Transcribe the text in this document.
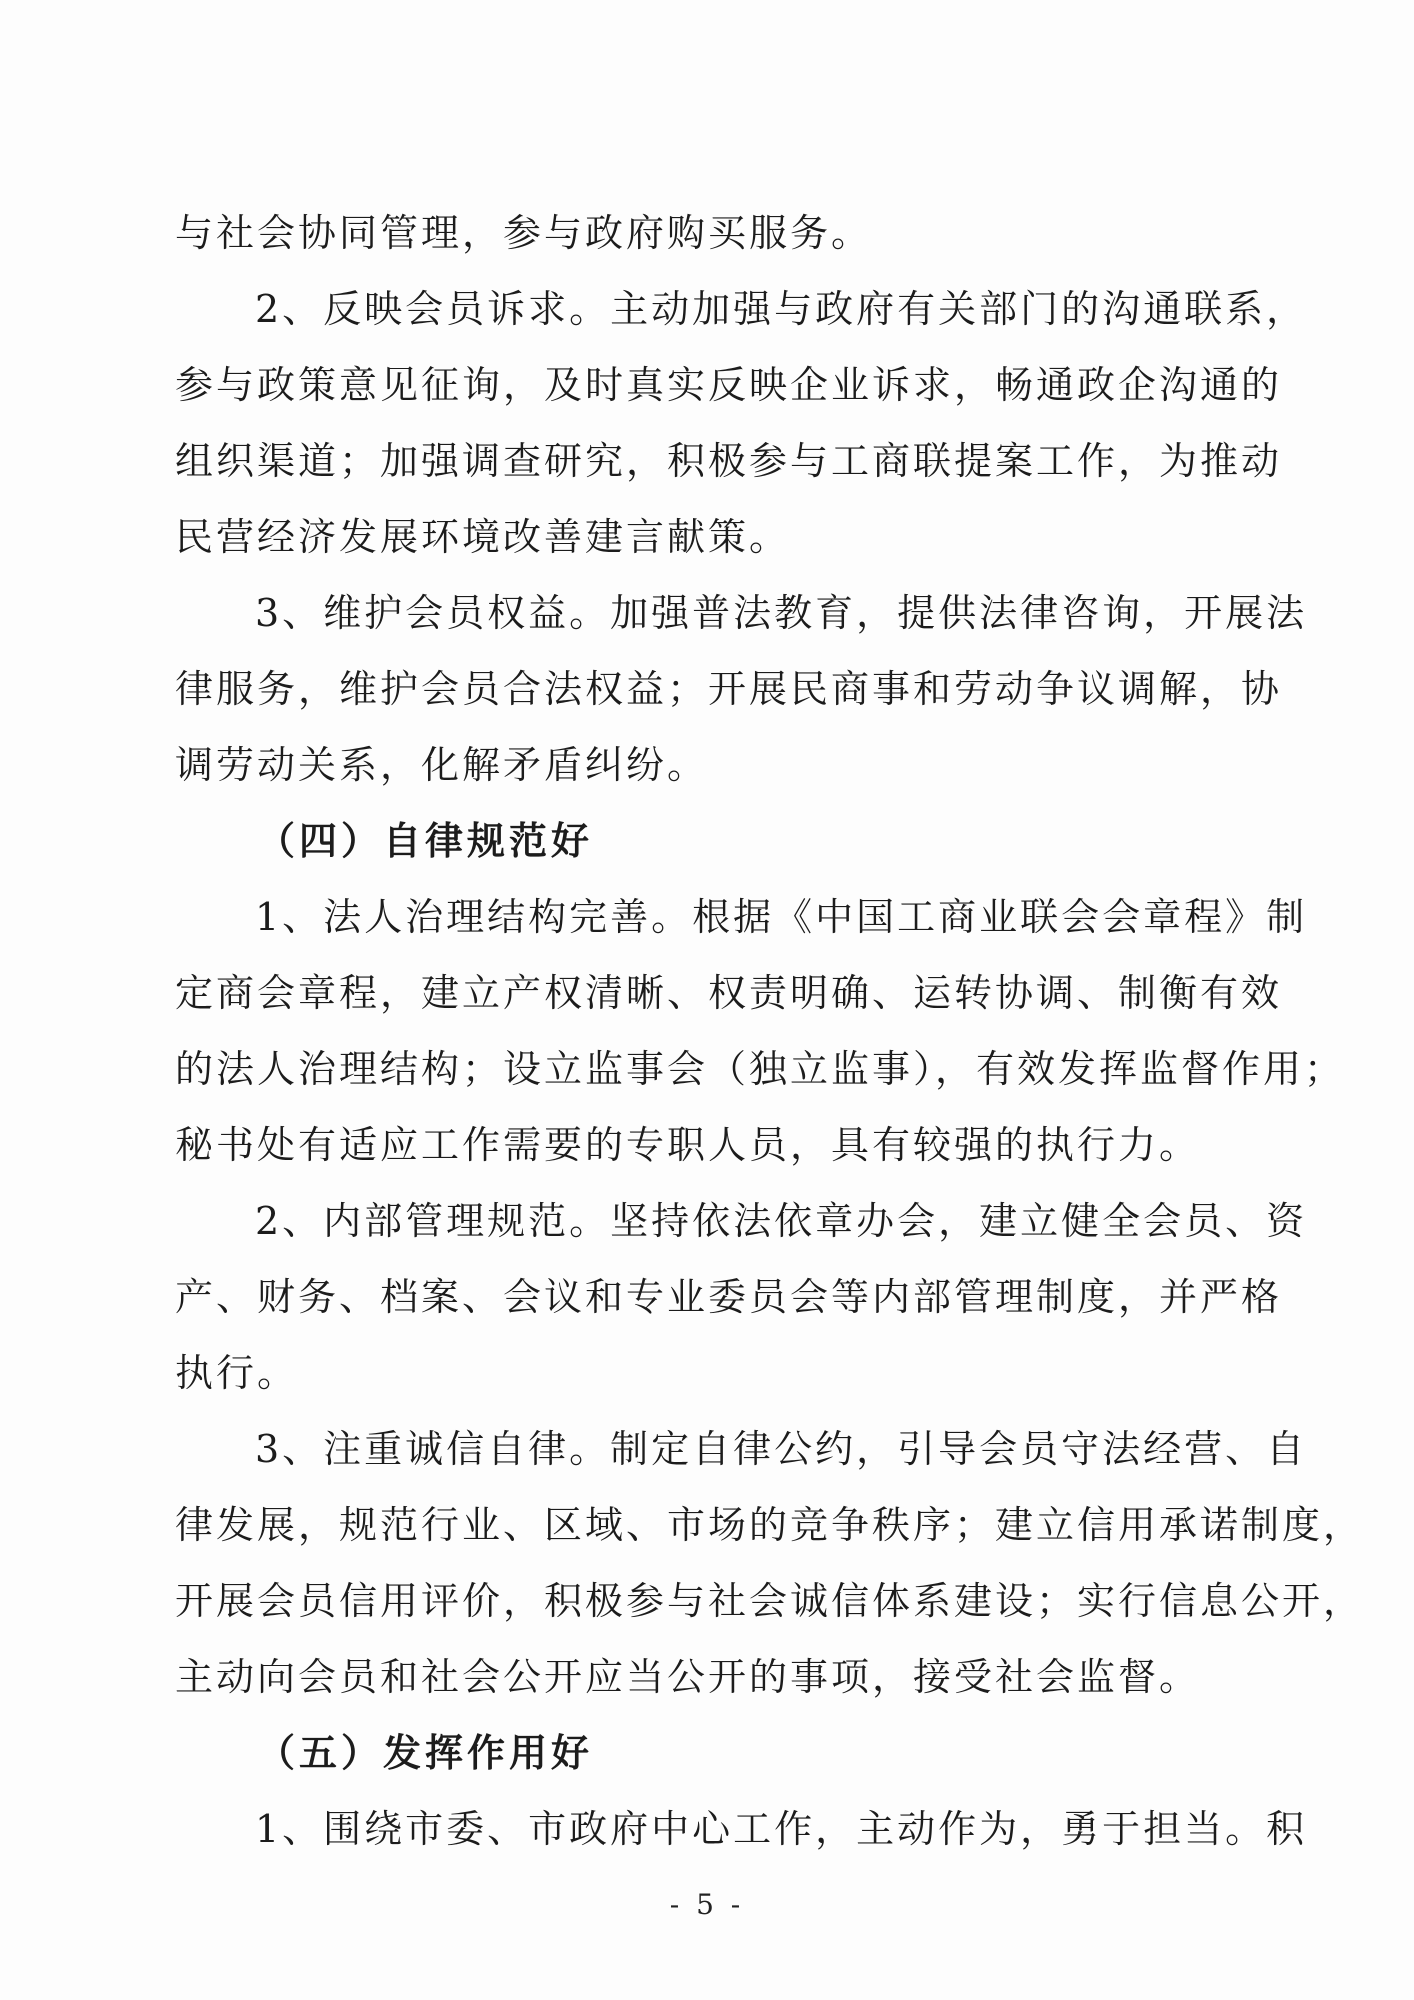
与社会协同管理，参与政府购买服务。
2、反映会员诉求。主动加强与政府有关部门的沟通联系，
参与政策意见征询，及时真实反映企业诉求，畅通政企沟通的
组织渠道；加强调查研究，积极参与工商联提案工作，为推动
民营经济发展环境改善建言献策。
3、维护会员权益。加强普法教育，提供法律咨询，开展法
律服务，维护会员合法权益；开展民商事和劳动争议调解，协
调劳动关系，化解矛盾纠纷。
（四）自律规范好
1、法人治理结构完善。根据《中国工商业联会会章程》制
定商会章程，建立产权清晰、权责明确、运转协调、制衡有效
的法人治理结构；设立监事会（独立监事），有效发挥监督作用；
秘书处有适应工作需要的专职人员，具有较强的执行力。
2、内部管理规范。坚持依法依章办会，建立健全会员、资
产、财务、档案、会议和专业委员会等内部管理制度，并严格
执行。
3、注重诚信自律。制定自律公约，引导会员守法经营、自
律发展，规范行业、区域、市场的竞争秩序；建立信用承诺制度，
开展会员信用评价，积极参与社会诚信体系建设；实行信息公开，
主动向会员和社会公开应当公开的事项，接受社会监督。
（五）发挥作用好
1、围绕市委、市政府中心工作，主动作为，勇于担当。积
- 5 -
